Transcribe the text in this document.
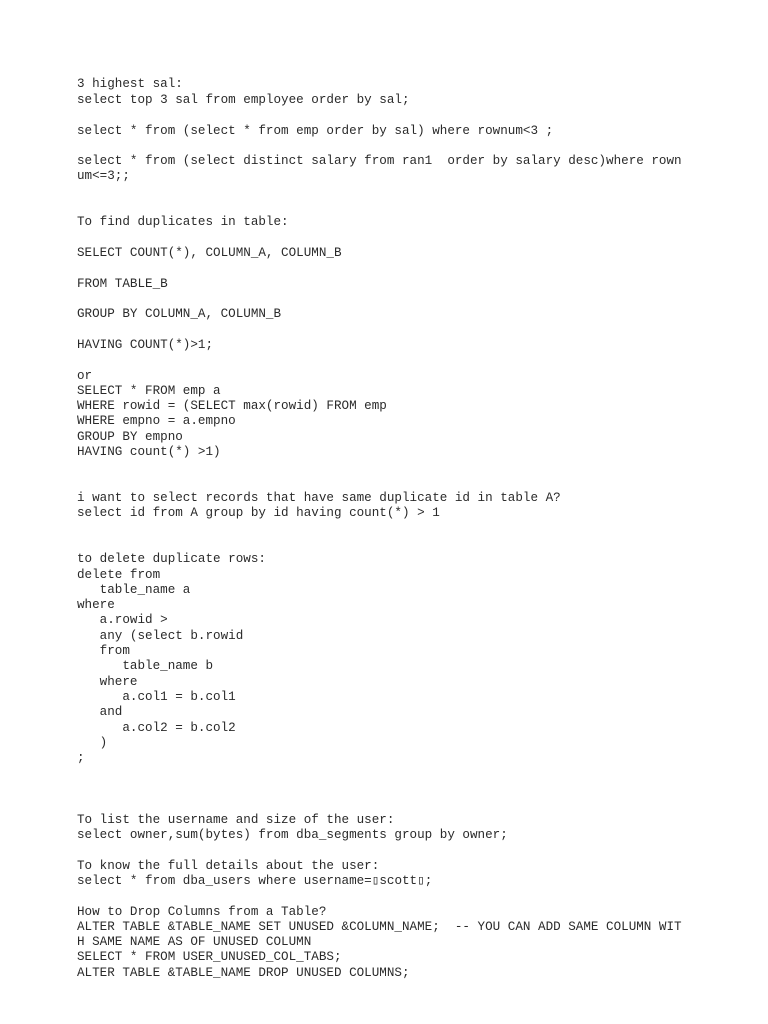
3 highest sal:
select top 3 sal from employee order by sal;
select * from (select * from emp order by sal) where rownum<3 ;
select * from (select distinct salary from ran1  order by salary desc)where rown
um<=3;;
To find duplicates in table:
SELECT COUNT(*), COLUMN_A, COLUMN_B
FROM TABLE_B
GROUP BY COLUMN_A, COLUMN_B
HAVING COUNT(*)>1;
or
SELECT * FROM emp a
WHERE rowid = (SELECT max(rowid) FROM emp
WHERE empno = a.empno
GROUP BY empno
HAVING count(*) >1)
i want to select records that have same duplicate id in table A?
select id from A group by id having count(*) > 1
to delete duplicate rows:
delete from
table_name a
where
a.rowid >
any (select b.rowid
from
table_name b
where
a.col1 = b.col1
and
a.col2 = b.col2
)
;
To list the username and size of the user:
select owner,sum(bytes) from dba_segments group by owner;
To know the full details about the user:
select * from dba_users where username=▯scott▯;
How to Drop Columns from a Table?
ALTER TABLE &TABLE_NAME SET UNUSED &COLUMN_NAME;  -- YOU CAN ADD SAME COLUMN WIT
H SAME NAME AS OF UNUSED COLUMN
SELECT * FROM USER_UNUSED_COL_TABS;
ALTER TABLE &TABLE_NAME DROP UNUSED COLUMNS;
